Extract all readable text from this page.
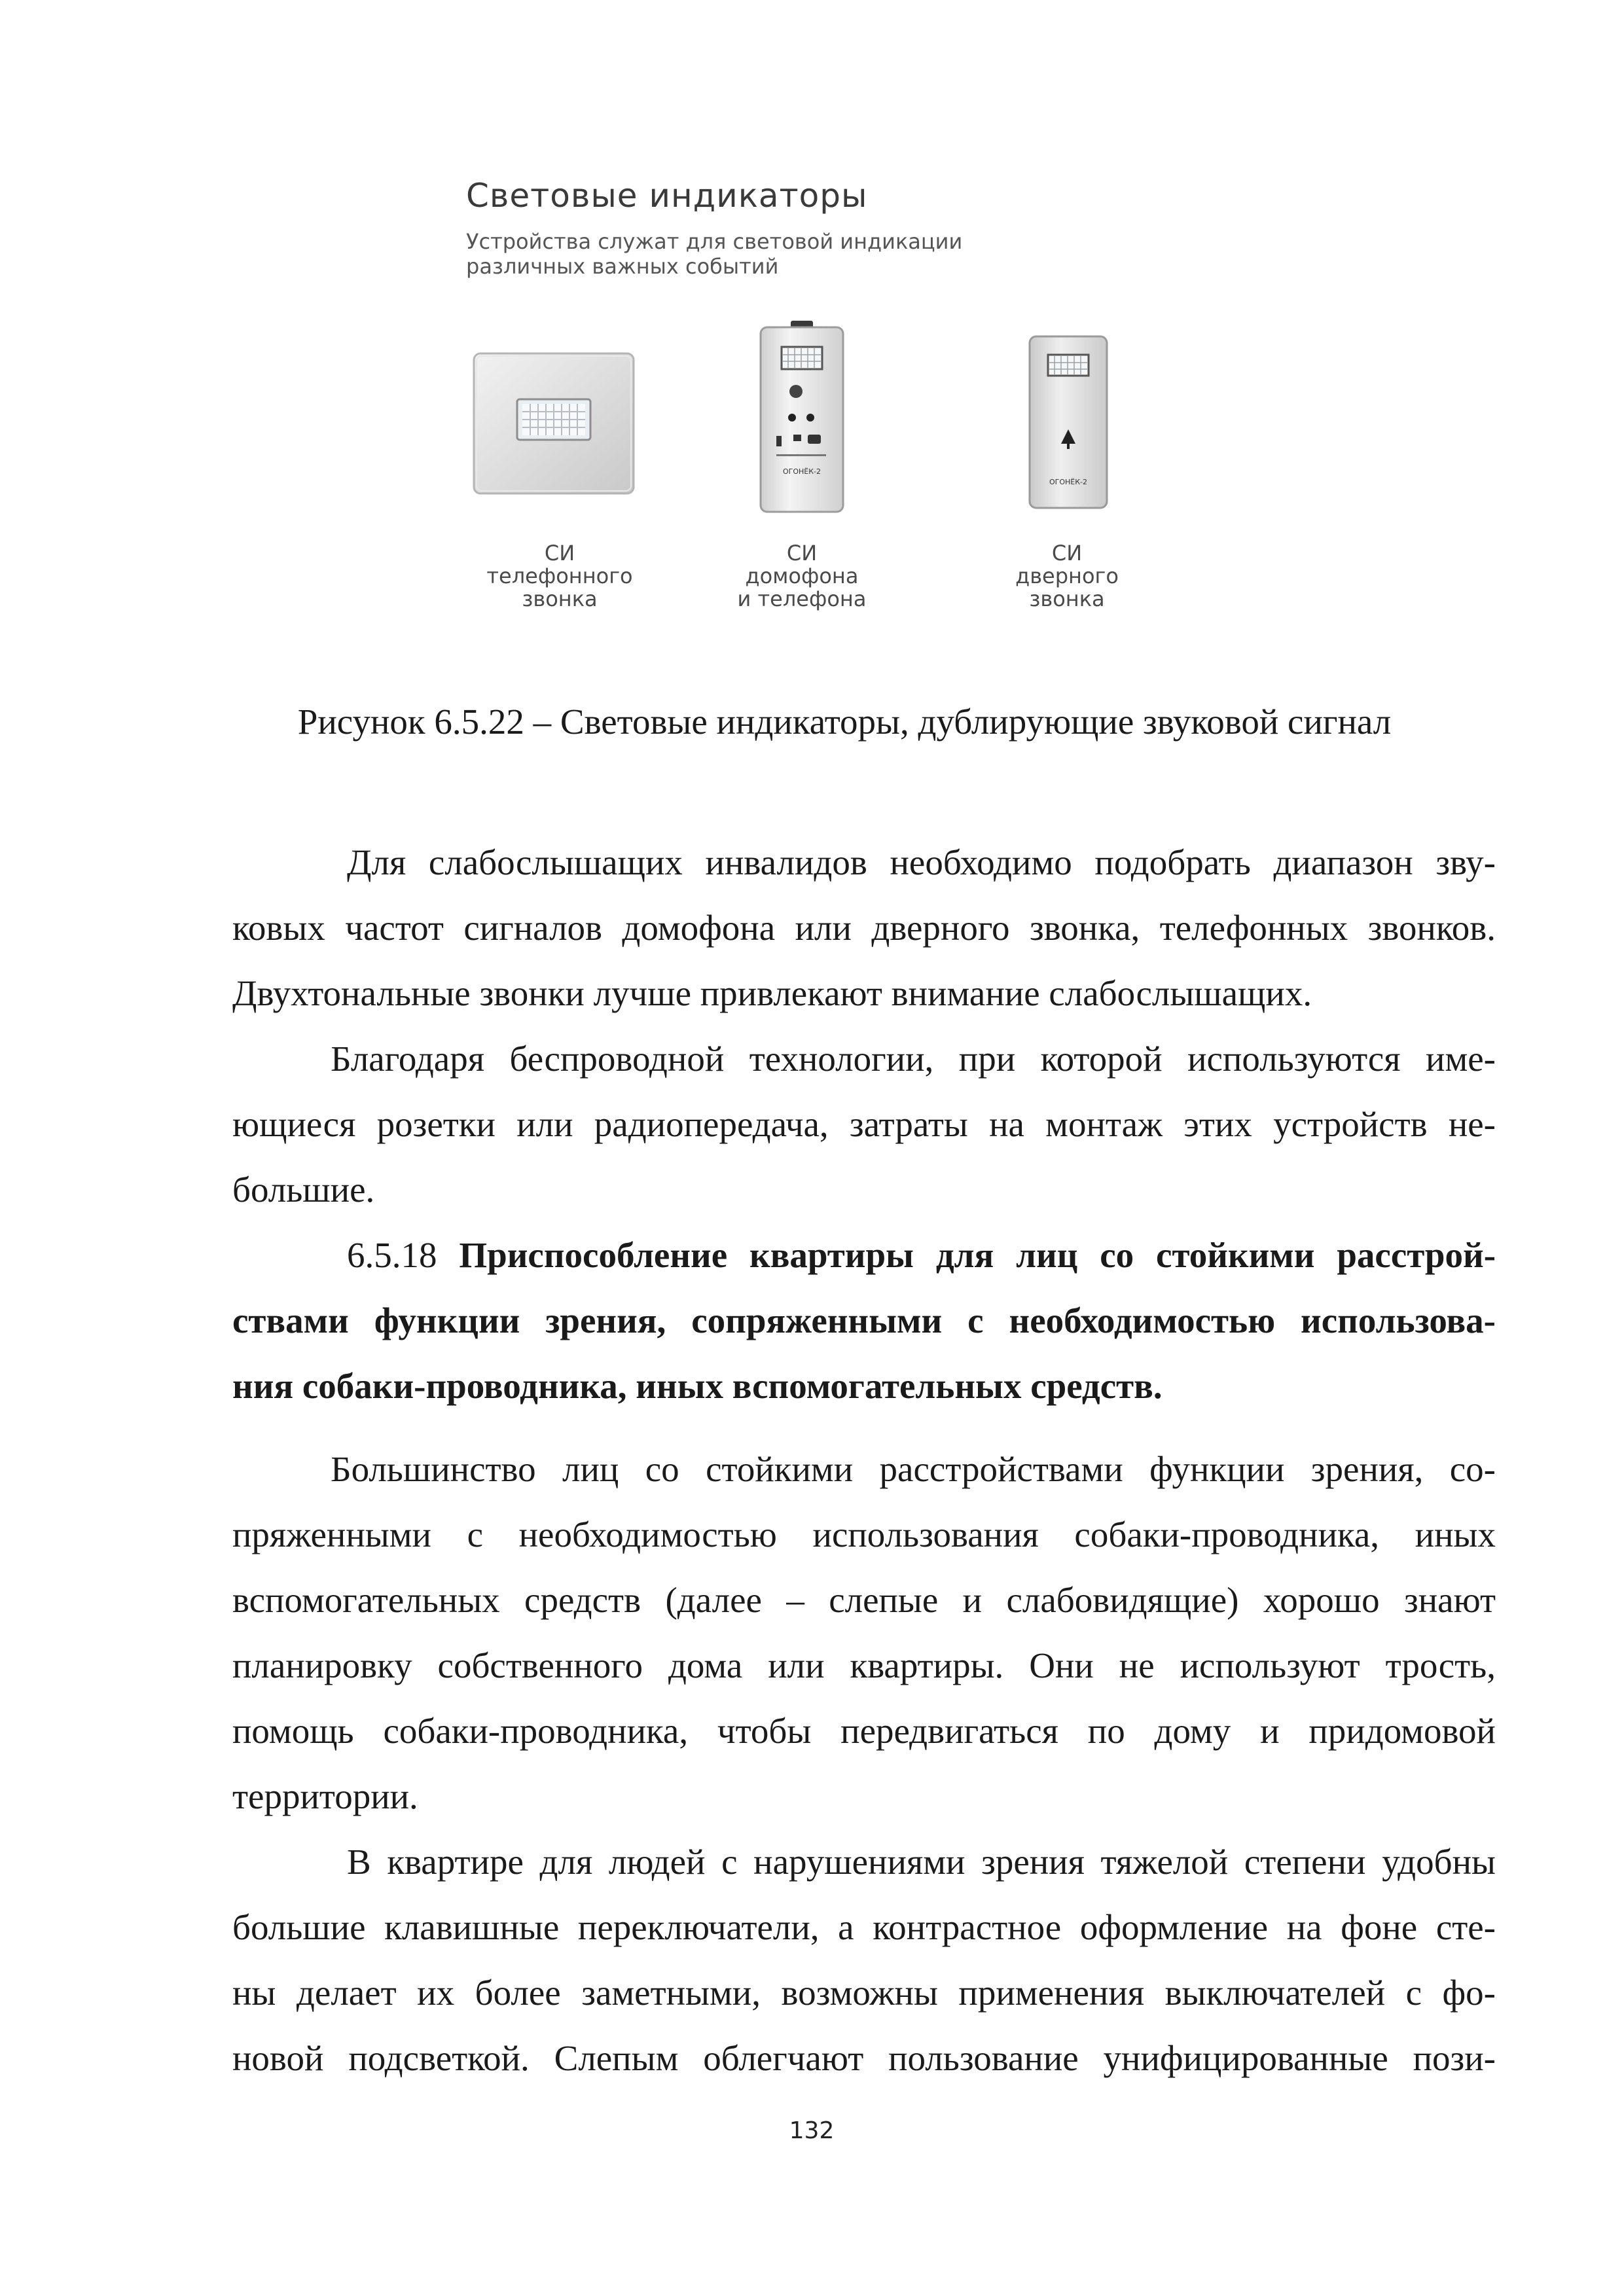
Световые индикаторы
Устройства служат для световой индикации
различных важных событий
СИ
телефонного
звонка
ОГОНЁК-2
СИ
домофона
и телефона
ОГОНЁК-2
СИ
дверного
звонка
Рисунок 6.5.22 – Световые индикаторы, дублирующие звуковой сигнал
Для слабослышащих инвалидов необходимо подобрать диапазон зву-
ковых частот сигналов домофона или дверного звонка, телефонных звонков.
Двухтональные звонки лучше привлекают внимание слабослышащих.
Благодаря беспроводной технологии, при которой используются име-
ющиеся розетки или радиопередача, затраты на монтаж этих устройств не-
большие.
6.5.18 Приспособление квартиры для лиц со стойкими расстрой-
ствами функции зрения, сопряженными с необходимостью использова-
ния собаки-проводника, иных вспомогательных средств.
Большинство лиц со стойкими расстройствами функции зрения, со-
пряженными с необходимостью использования собаки-проводника, иных
вспомогательных средств (далее – слепые и слабовидящие) хорошо знают
планировку собственного дома или квартиры. Они не используют трость,
помощь собаки-проводника, чтобы передвигаться по дому и придомовой
территории.
В квартире для людей с нарушениями зрения тяжелой степени удобны
большие клавишные переключатели, а контрастное оформление на фоне сте-
ны делает их более заметными, возможны применения выключателей с фо-
новой подсветкой. Слепым облегчают пользование унифицированные пози-
132
